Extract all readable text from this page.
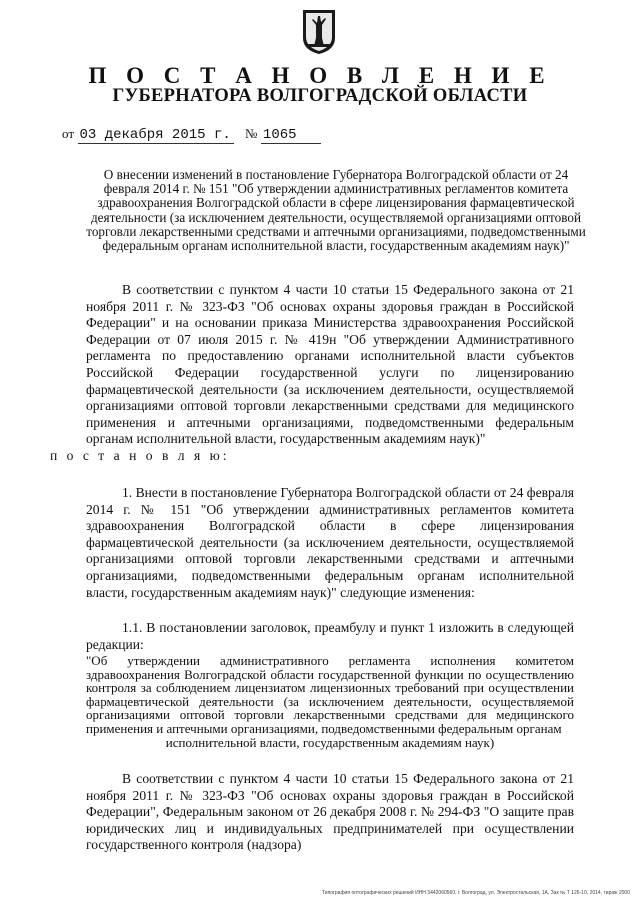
П О С Т А Н О В Л Е Н И Е
ГУБЕРНАТОРА ВОЛГОГРАДСКОЙ ОБЛАСТИ
от 03 декабря 2015 г. № 1065
О внесении изменений в постановление Губернатора Волгоградской области от 24 февраля 2014 г. № 151 "Об утверждении административных регламентов комитета здравоохранения Волгоградской области в сфере лицензирования фармацевтической деятельности (за исключением деятельности, осуществляемой организациями оптовой торговли лекарственными средствами и аптечными организациями, подведомственными федеральным органам исполнительной власти, государственным академиям наук)"

В соответствии с пунктом 4 части 10 статьи 15 Федерального закона от 21 ноября 2011 г. № 323-ФЗ "Об основах охраны здоровья граждан в Российской Федерации" и на основании приказа Министерства здравоохранения Российской Федерации от 07 июля 2015 г. № 419н "Об утверждении Административного регламента по предоставлению органами исполнительной власти субъектов Российской Федерации государственной услуги по лицензированию фармацевтической деятельности (за исключением деятельности, осуществляемой организациями оптовой торговли лекарственными средствами для медицинского применения и аптечными организациями, подведомственными федеральным органам исполнительной власти, государственным академиям наук)"
п о с т а н о в л я ю:

1. Внести в постановление Губернатора Волгоградской области от 24 февраля 2014 г. № 151 "Об утверждении административных регламентов комитета здравоохранения Волгоградской области в сфере лицензирования фармацевтической деятельности (за исключением деятельности, осуществляемой организациями оптовой торговли лекарственными средствами и аптечными организациями, подведомственными федеральным органам исполнительной власти, государственным академиям наук)" следующие изменения:

1.1. В постановлении заголовок, преамбулу и пункт 1 изложить в следующей редакции:

"Об утверждении административного регламента исполнения комитетом здравоохранения Волгоградской области государственной функции по осуществлению контроля за соблюдением лицензиатом лицензионных требований при осуществлении фармацевтической деятельности (за исключением деятельности, осуществляемой организациями оптовой торговли лекарственными средствами для медицинского применения и аптечными организациями, подведомственными федеральным органам
исполнительной власти, государственным академиям наук)

В соответствии с пунктом 4 части 10 статьи 15 Федерального закона от 21 ноября 2011 г. № 323-ФЗ "Об основах охраны здоровья граждан в Российской Федерации", Федеральным законом от 26 декабря 2008 г. № 294-ФЗ "О защите прав юридических лиц и индивидуальных предпринимателей при осуществлении государственного контроля (надзора)

Типография оптографических решений ИНН 3442060560, г. Волгоград, ул. Электростальская, 1А, Зак № Т 126-10, 2014, тираж 2000
